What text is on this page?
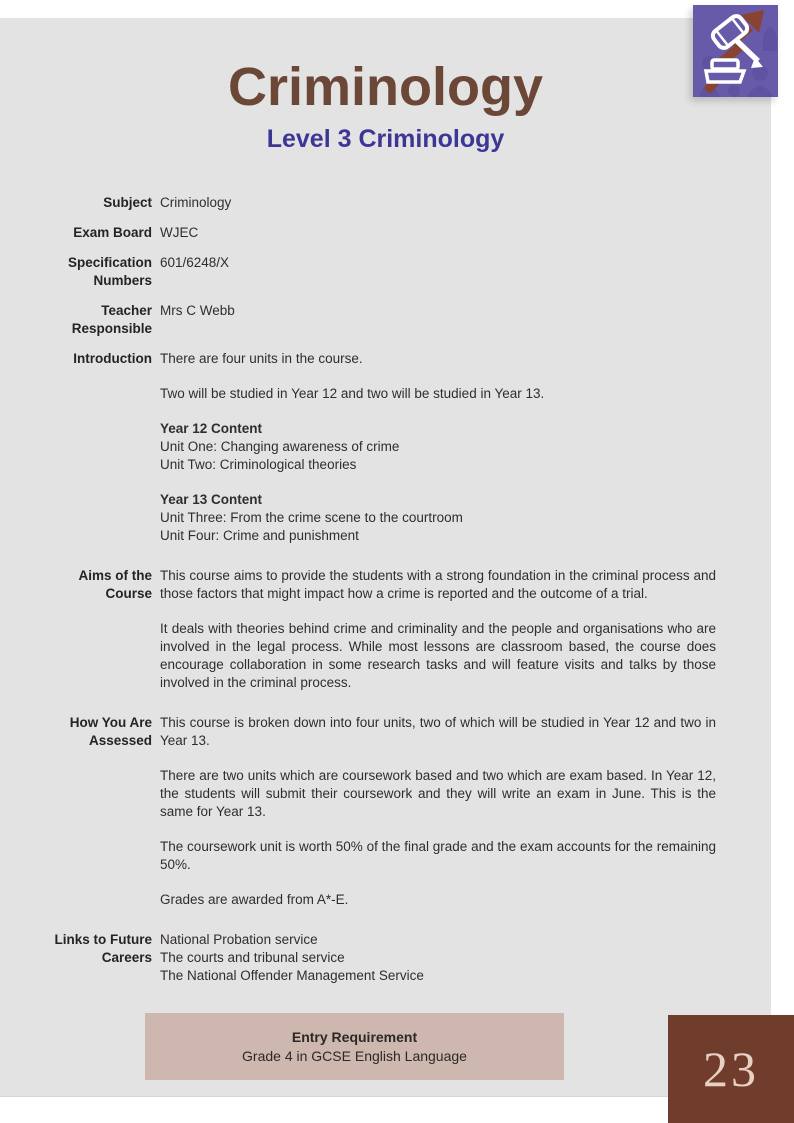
Criminology
Level 3 Criminology
Subject Criminology

Exam Board WJEC

Specification
Numbers

601/6248/X

Teacher
Responsible

Mrs C Webb

Introduction There are four units in the course.

Two will be studied in Year 12 and two will be studied in Year 13.

Year 12 Content
Unit One: Changing awareness of crime
Unit Two: Criminological theories
Year 13 Content
Unit Three: From the crime scene to the courtroom
Unit Four: Crime and punishment
Aims of the
Course

This course aims to provide the students with a strong foundation in the criminal process and those factors that might impact how a crime is reported and the outcome of a trial.

It deals with theories behind crime and criminality and the people and organisations who are involved in the legal process. While most lessons are classroom based, the course does encourage collaboration in some research tasks and will feature visits and talks by those involved in the criminal process.

How You Are
Assessed

This course is broken down into four units, two of which will be studied in Year 12 and two in Year 13.

There are two units which are coursework based and two which are exam based. In Year 12, the students will submit their coursework and they will write an exam in June. This is the same for Year 13.

The coursework unit is worth 50% of the final grade and the exam accounts for the remaining 50%.

Grades are awarded from A*-E.

Links to Future
Careers
National Probation service
The courts and tribunal service
The National Offender Management Service
Entry Requirement
Grade 4 in GCSE English Language	23
